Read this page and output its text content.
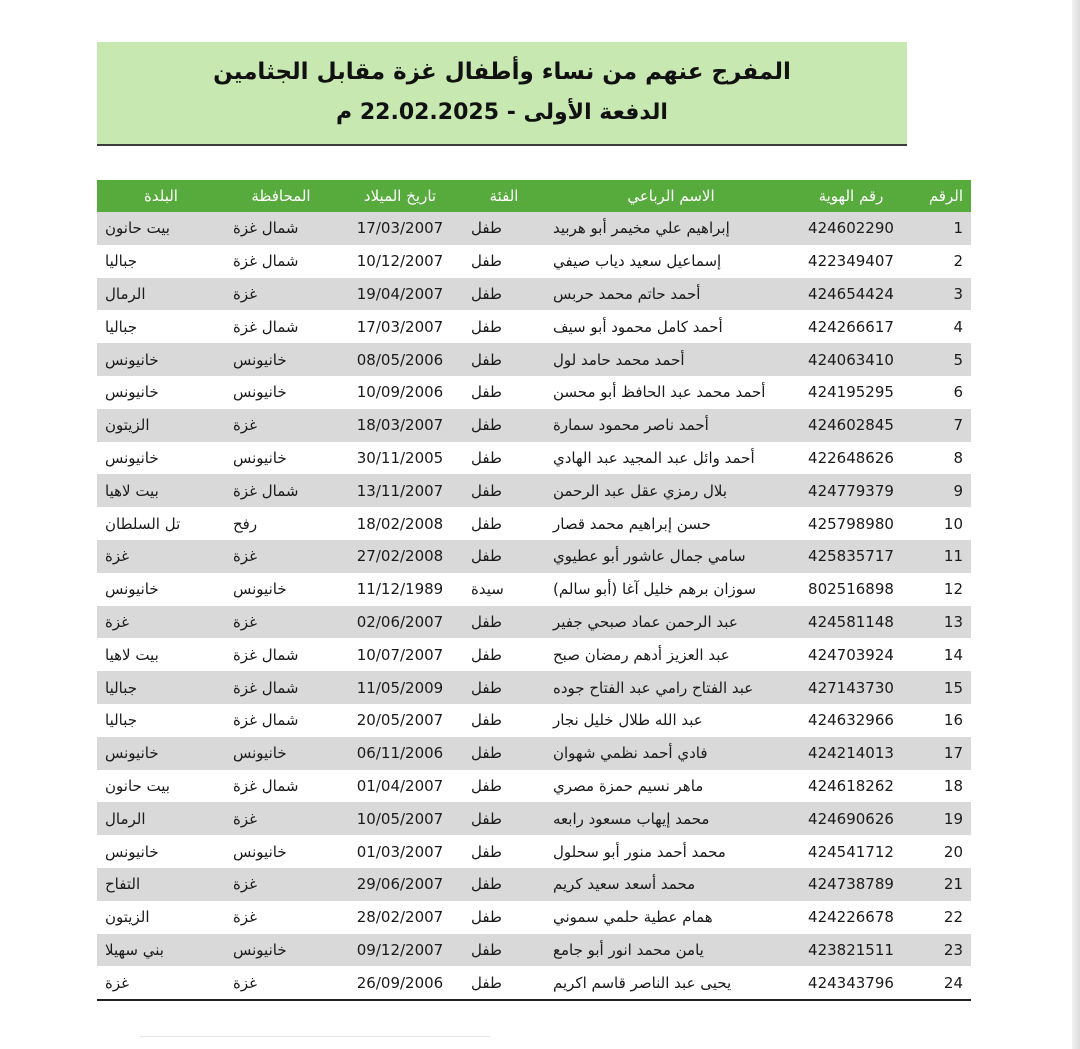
المفرج عنهم من نساء وأطفال غزة مقابل الجثامين
الدفعة الأولى - 22.02.2025 م
الرقم	رقم الهوية	الاسم الرباعي	الفئة	تاريخ الميلاد	المحافظة	البلدة
1	424602290	إبراهيم علي مخيمر أبو هربيد	طفل	17/03/2007	شمال غزة	بيت حانون
2	422349407	إسماعيل سعيد دياب صيفي	طفل	10/12/2007	شمال غزة	جباليا
3	424654424	أحمد حاتم محمد حربس	طفل	19/04/2007	غزة	الرمال
4	424266617	أحمد كامل محمود أبو سيف	طفل	17/03/2007	شمال غزة	جباليا
5	424063410	أحمد محمد حامد لول	طفل	08/05/2006	خانيونس	خانيونس
6	424195295	أحمد محمد عبد الحافظ أبو محسن	طفل	10/09/2006	خانيونس	خانيونس
7	424602845	أحمد ناصر محمود سمارة	طفل	18/03/2007	غزة	الزيتون
8	422648626	أحمد وائل عبد المجيد عبد الهادي	طفل	30/11/2005	خانيونس	خانيونس
9	424779379	بلال رمزي عقل عبد الرحمن	طفل	13/11/2007	شمال غزة	بيت لاهيا
10	425798980	حسن إبراهيم محمد قصار	طفل	18/02/2008	رفح	تل السلطان
11	425835717	سامي جمال عاشور أبو عطيوي	طفل	27/02/2008	غزة	غزة
12	802516898	سوزان برهم خليل آغا (أبو سالم)	سيدة	11/12/1989	خانيونس	خانيونس
13	424581148	عبد الرحمن عماد صبحي جفير	طفل	02/06/2007	غزة	غزة
14	424703924	عبد العزيز أدهم رمضان صبح	طفل	10/07/2007	شمال غزة	بيت لاهيا
15	427143730	عبد الفتاح رامي عبد الفتاح جوده	طفل	11/05/2009	شمال غزة	جباليا
16	424632966	عبد الله طلال خليل نجار	طفل	20/05/2007	شمال غزة	جباليا
17	424214013	فادي أحمد نظمي شهوان	طفل	06/11/2006	خانيونس	خانيونس
18	424618262	ماهر نسيم حمزة مصري	طفل	01/04/2007	شمال غزة	بيت حانون
19	424690626	محمد إيهاب مسعود رابعه	طفل	10/05/2007	غزة	الرمال
20	424541712	محمد أحمد منور أبو سحلول	طفل	01/03/2007	خانيونس	خانيونس
21	424738789	محمد أسعد سعيد كريم	طفل	29/06/2007	غزة	التفاح
22	424226678	همام عطية حلمي سموني	طفل	28/02/2007	غزة	الزيتون
23	423821511	يامن محمد انور أبو جامع	طفل	09/12/2007	خانيونس	بني سهيلا
24	424343796	يحيى عبد الناصر قاسم اكريم	طفل	26/09/2006	غزة	غزة
